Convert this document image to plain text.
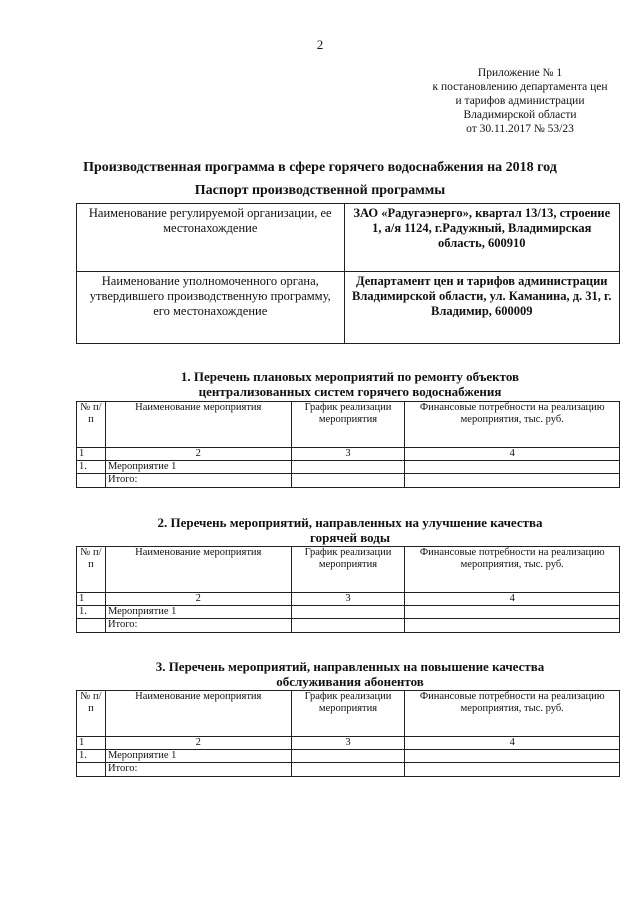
2
Приложение № 1
к постановлению департамента цен
и тарифов администрации
Владимирской области
от 30.11.2017 № 53/23
Производственная программа в сфере горячего водоснабжения на 2018 год
Паспорт производственной программы
Наименование регулируемой организации, ее местонахождение	ЗАО «Радугаэнерго», квартал 13/13, строение 1, а/я 1124, г.Радужный, Владимирская область, 600910
Наименование уполномоченного органа, утвердившего производственную программу, его местонахождение	Департамент цен и тарифов администрации Владимирской области, ул. Каманина, д. 31, г. Владимир, 600009
1. Перечень плановых мероприятий по ремонту объектов
централизованных систем горячего водоснабжения
№ п/п	Наименование мероприятия	График реализации мероприятия	Финансовые потребности на реализацию мероприятия, тыс. руб.
1	2	3	4
1.	Мероприятие 1		
	Итого:		
2. Перечень мероприятий, направленных на улучшение качества
горячей воды
№ п/п	Наименование мероприятия	График реализации мероприятия	Финансовые потребности на реализацию мероприятия, тыс. руб.
1	2	3	4
1.	Мероприятие 1		
	Итого:		
3. Перечень мероприятий, направленных на повышение качества
обслуживания абонентов
№ п/п	Наименование мероприятия	График реализации мероприятия	Финансовые потребности на реализацию мероприятия, тыс. руб.
1	2	3	4
1.	Мероприятие 1		
	Итого:		
